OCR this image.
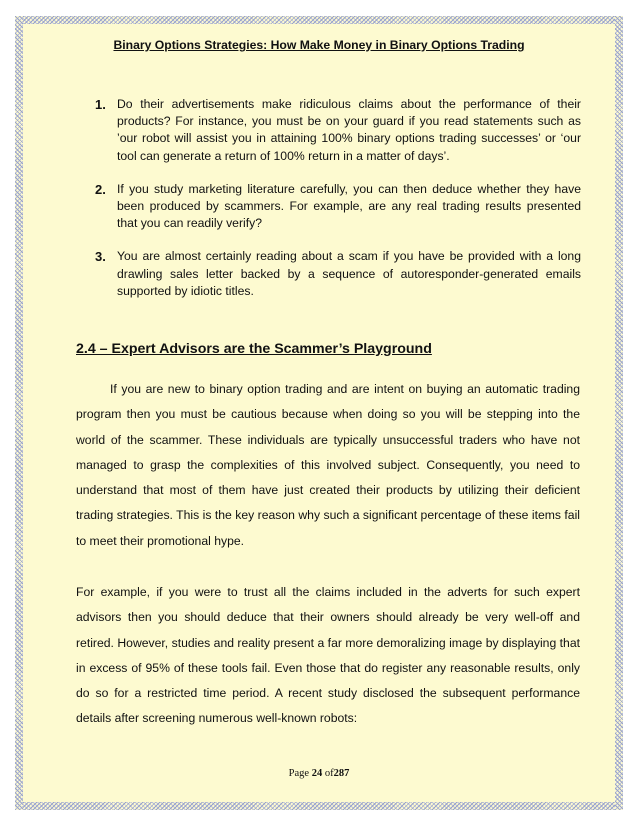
Binary Options Strategies: How Make Money in Binary Options Trading
1. Do their advertisements make ridiculous claims about the performance of their products? For instance, you must be on your guard if you read statements such as ’our robot will assist you in attaining 100% binary options trading successes’ or ‘our tool can generate a return of 100% return in a matter of days’.
2. If you study marketing literature carefully, you can then deduce whether they have been produced by scammers. For example, are any real trading results presented that you can readily verify?
3. You are almost certainly reading about a scam if you have be provided with a long drawling sales letter backed by a sequence of autoresponder-generated emails supported by idiotic titles.
2.4 – Expert Advisors are the Scammer’s Playground

If you are new to binary option trading and are intent on buying an automatic trading program then you must be cautious because when doing so you will be stepping into the world of the scammer. These individuals are typically unsuccessful traders who have not managed to grasp the complexities of this involved subject. Consequently, you need to understand that most of them have just created their products by utilizing their deficient trading strategies. This is the key reason why such a significant percentage of these items fail to meet their promotional hype.

For example, if you were to trust all the claims included in the adverts for such expert advisors then you should deduce that their owners should already be very well-off and retired. However, studies and reality present a far more demoralizing image by displaying that in excess of 95% of these tools fail. Even those that do register any reasonable results, only do so for a restricted time period. A recent study disclosed the subsequent performance details after screening numerous well-known robots:

Page 24 of287
